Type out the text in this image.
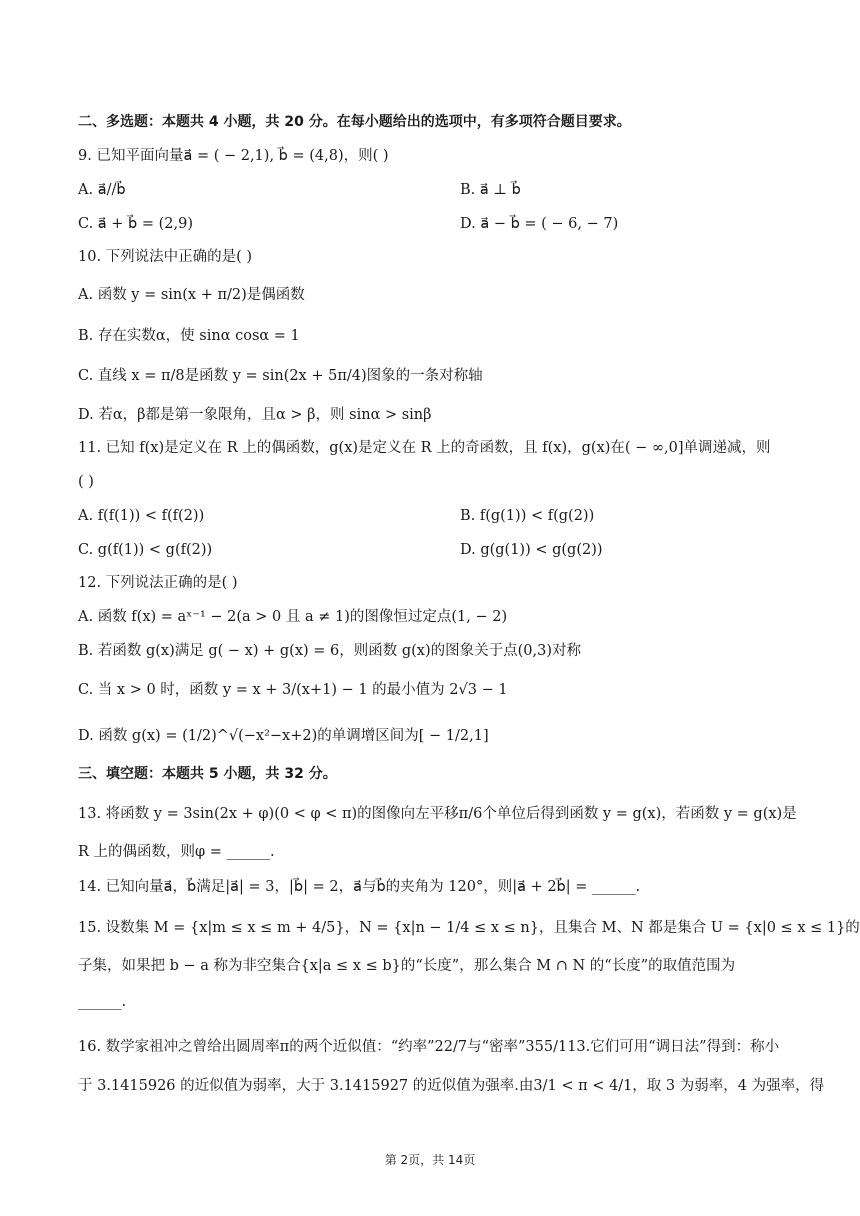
二、多选题：本题共 4 小题，共 20 分。在每小题给出的选项中，有多项符合题目要求。
9. 已知平面向量a⃗ = ( − 2,1), b⃗ = (4,8)，则( )
A. a⃗//b⃗	B. a⃗ ⊥ b⃗
C. a⃗ + b⃗ = (2,9)	D. a⃗ − b⃗ = ( − 6, − 7)
10. 下列说法中正确的是( )
A. 函数 y = sin(x + π/2)是偶函数
B. 存在实数α，使 sinα cosα = 1
C. 直线 x = π/8是函数 y = sin(2x + 5π/4)图象的一条对称轴
D. 若α，β都是第一象限角，且α > β，则 sinα > sinβ
11. 已知 f(x)是定义在 R 上的偶函数，g(x)是定义在 R 上的奇函数，且 f(x)，g(x)在( − ∞,0]单调递减，则
( )
A. f(f(1)) < f(f(2))	B. f(g(1)) < f(g(2))
C. g(f(1)) < g(f(2))	D. g(g(1)) < g(g(2))
12. 下列说法正确的是( )
A. 函数 f(x) = aˣ⁻¹ − 2(a > 0 且 a ≠ 1)的图像恒过定点(1, − 2)
B. 若函数 g(x)满足 g( − x) + g(x) = 6，则函数 g(x)的图象关于点(0,3)对称
C. 当 x > 0 时，函数 y = x + 3/(x+1) − 1 的最小值为 2√3 − 1
D. 函数 g(x) = (1/2)^√(−x²−x+2)的单调增区间为[ − 1/2,1]
三、填空题：本题共 5 小题，共 32 分。
13. 将函数 y = 3sin(2x + φ)(0 < φ < π)的图像向左平移π/6个单位后得到函数 y = g(x)，若函数 y = g(x)是
R 上的偶函数，则φ = ______.
14. 已知向量a⃗，b⃗满足|a⃗| = 3，|b⃗| = 2，a⃗与b⃗的夹角为 120°，则|a⃗ + 2b⃗| = ______.
15. 设数集 M = {x|m ≤ x ≤ m + 4/5}，N = {x|n − 1/4 ≤ x ≤ n}，且集合 M、N 都是集合 U = {x|0 ≤ x ≤ 1}的
子集，如果把 b − a 称为非空集合{x|a ≤ x ≤ b}的“长度”，那么集合 M ∩ N 的“长度”的取值范围为
______.
16. 数学家祖冲之曾给出圆周率π的两个近似值：“约率”22/7与“密率”355/113.它们可用“调日法”得到：称小
于 3.1415926 的近似值为弱率，大于 3.1415927 的近似值为强率.由3/1 < π < 4/1，取 3 为弱率，4 为强率，得
第 2页，共 14页
